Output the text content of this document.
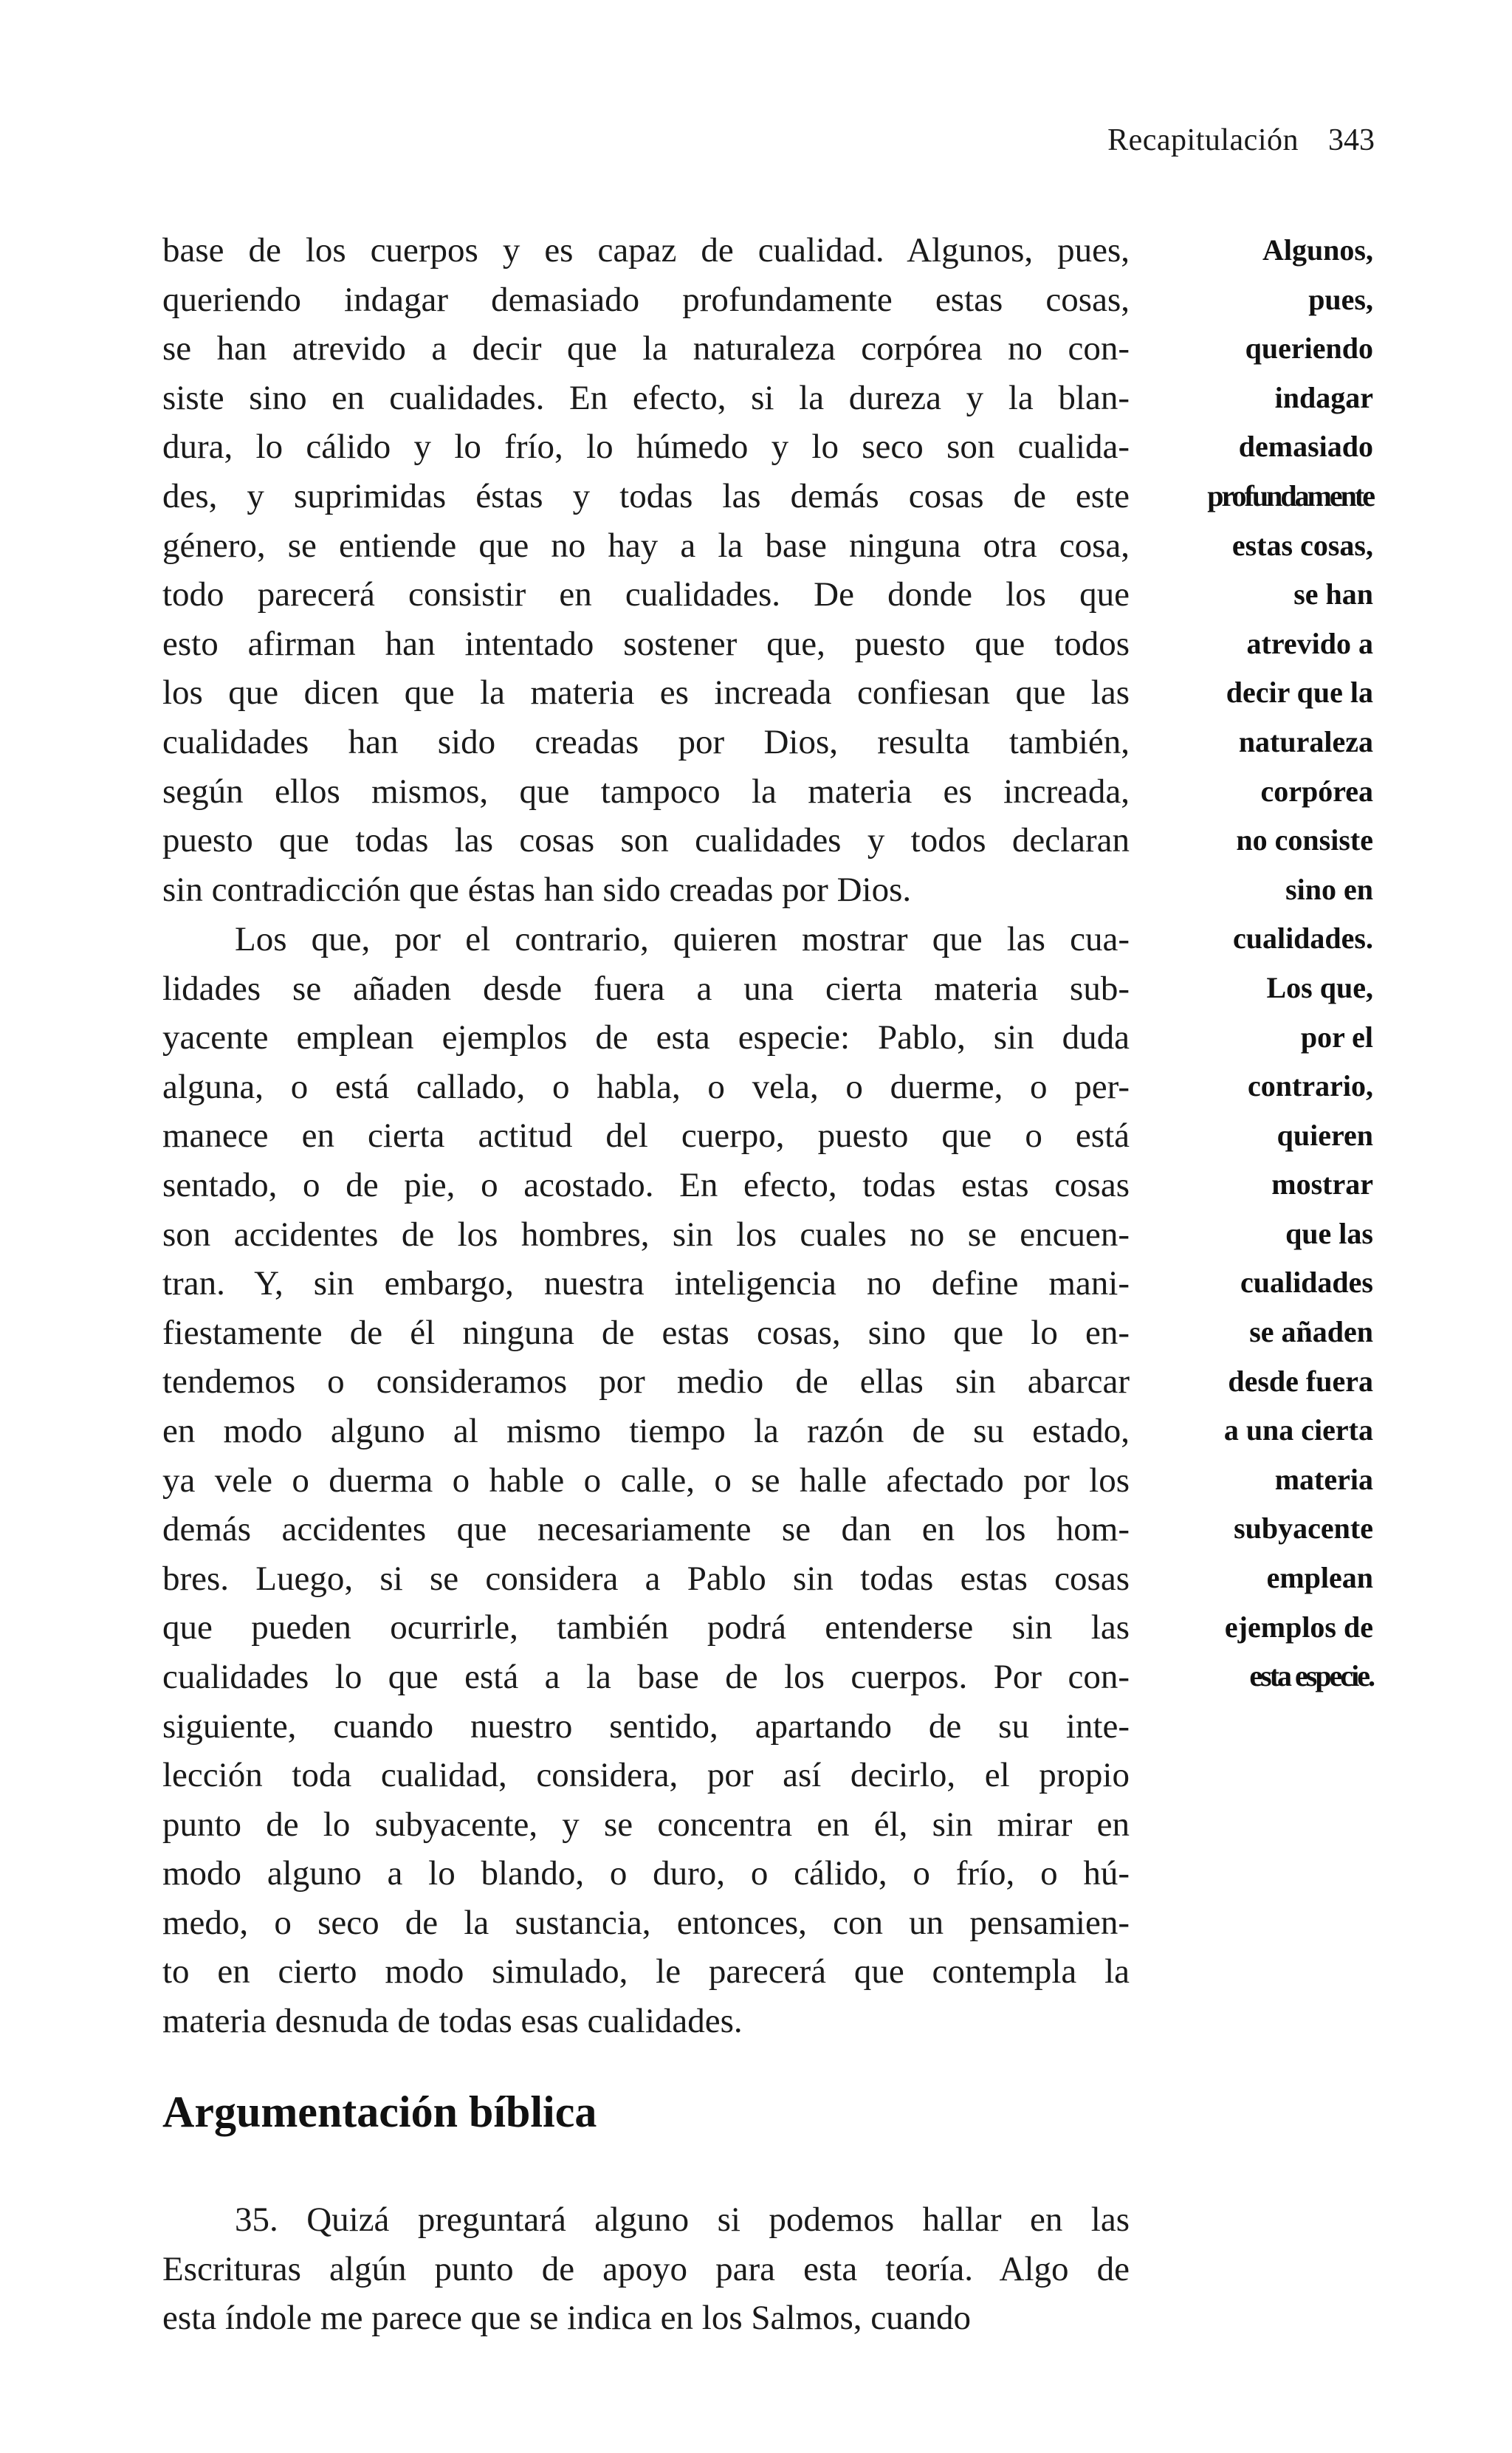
Recapitulación 343
base de los cuerpos y es capaz de cualidad. Algunos, pues,
queriendo indagar demasiado profundamente estas cosas,
se han atrevido a decir que la naturaleza corpórea no con-
siste sino en cualidades. En efecto, si la dureza y la blan-
dura, lo cálido y lo frío, lo húmedo y lo seco son cualida-
des, y suprimidas éstas y todas las demás cosas de este
género, se entiende que no hay a la base ninguna otra cosa,
todo parecerá consistir en cualidades. De donde los que
esto afirman han intentado sostener que, puesto que todos
los que dicen que la materia es increada confiesan que las
cualidades han sido creadas por Dios, resulta también,
según ellos mismos, que tampoco la materia es increada,
puesto que todas las cosas son cualidades y todos declaran
sin contradicción que éstas han sido creadas por Dios.
Los que, por el contrario, quieren mostrar que las cua-
lidades se añaden desde fuera a una cierta materia sub-
yacente emplean ejemplos de esta especie: Pablo, sin duda
alguna, o está callado, o habla, o vela, o duerme, o per-
manece en cierta actitud del cuerpo, puesto que o está
sentado, o de pie, o acostado. En efecto, todas estas cosas
son accidentes de los hombres, sin los cuales no se encuen-
tran. Y, sin embargo, nuestra inteligencia no define mani-
fiestamente de él ninguna de estas cosas, sino que lo en-
tendemos o consideramos por medio de ellas sin abarcar
en modo alguno al mismo tiempo la razón de su estado,
ya vele o duerma o hable o calle, o se halle afectado por los
demás accidentes que necesariamente se dan en los hom-
bres. Luego, si se considera a Pablo sin todas estas cosas
que pueden ocurrirle, también podrá entenderse sin las
cualidades lo que está a la base de los cuerpos. Por con-
siguiente, cuando nuestro sentido, apartando de su inte-
lección toda cualidad, considera, por así decirlo, el propio
punto de lo subyacente, y se concentra en él, sin mirar en
modo alguno a lo blando, o duro, o cálido, o frío, o hú-
medo, o seco de la sustancia, entonces, con un pensamien-
to en cierto modo simulado, le parecerá que contempla la
materia desnuda de todas esas cualidades.
Argumentación bíblica
35. Quizá preguntará alguno si podemos hallar en las
Escrituras algún punto de apoyo para esta teoría. Algo de
esta índole me parece que se indica en los Salmos, cuando
Algunos,
pues,
queriendo
indagar
demasiado
profundamente
estas cosas,
se han
atrevido a
decir que la
naturaleza
corpórea
no consiste
sino en
cualidades.
Los que,
por el
contrario,
quieren
mostrar
que las
cualidades
se añaden
desde fuera
a una cierta
materia
subyacente
emplean
ejemplos de
esta especie.
